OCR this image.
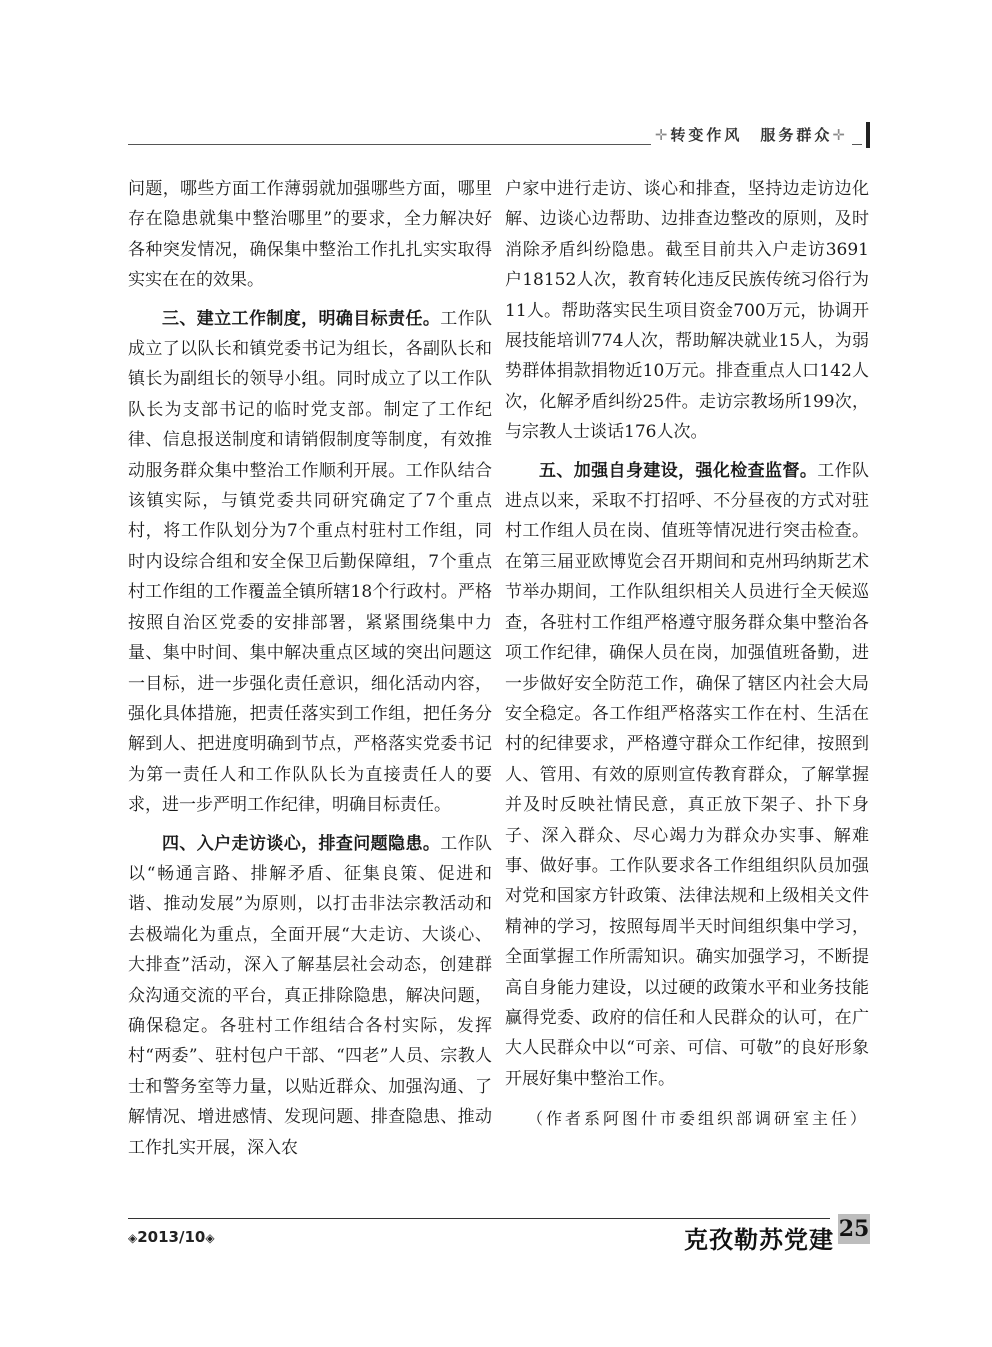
✛转变作风　服务群众✛

问题，哪些方面工作薄弱就加强哪些方面，哪里存在隐患就集中整治哪里”的要求，全力解决好各种突发情况，确保集中整治工作扎扎实实取得实实在在的效果。

三、建立工作制度，明确目标责任。工作队成立了以队长和镇党委书记为组长，各副队长和镇长为副组长的领导小组。同时成立了以工作队队长为支部书记的临时党支部。制定了工作纪律、信息报送制度和请销假制度等制度，有效推动服务群众集中整治工作顺利开展。工作队结合该镇实际，与镇党委共同研究确定了7个重点村，将工作队划分为7个重点村驻村工作组，同时内设综合组和安全保卫后勤保障组，7个重点村工作组的工作覆盖全镇所辖18个行政村。严格按照自治区党委的安排部署，紧紧围绕集中力量、集中时间、集中解决重点区域的突出问题这一目标，进一步强化责任意识，细化活动内容，强化具体措施，把责任落实到工作组，把任务分解到人、把进度明确到节点，严格落实党委书记为第一责任人和工作队队长为直接责任人的要求，进一步严明工作纪律，明确目标责任。

四、入户走访谈心，排查问题隐患。工作队以“畅通言路、排解矛盾、征集良策、促进和谐、推动发展”为原则，以打击非法宗教活动和去极端化为重点，全面开展“大走访、大谈心、大排查”活动，深入了解基层社会动态，创建群众沟通交流的平台，真正排除隐患，解决问题，确保稳定。各驻村工作组结合各村实际，发挥村“两委”、驻村包户干部、“四老”人员、宗教人士和警务室等力量，以贴近群众、加强沟通、了解情况、增进感情、发现问题、排查隐患、推动工作扎实开展，深入农

户家中进行走访、谈心和排查，坚持边走访边化解、边谈心边帮助、边排查边整改的原则，及时消除矛盾纠纷隐患。截至目前共入户走访3691户18152人次，教育转化违反民族传统习俗行为11人。帮助落实民生项目资金700万元，协调开展技能培训774人次，帮助解决就业15人，为弱势群体捐款捐物近10万元。排查重点人口142人次，化解矛盾纠纷25件。走访宗教场所199次，与宗教人士谈话176人次。

五、加强自身建设，强化检查监督。工作队进点以来，采取不打招呼、不分昼夜的方式对驻村工作组人员在岗、值班等情况进行突击检查。在第三届亚欧博览会召开期间和克州玛纳斯艺术节举办期间，工作队组织相关人员进行全天候巡查，各驻村工作组严格遵守服务群众集中整治各项工作纪律，确保人员在岗，加强值班备勤，进一步做好安全防范工作，确保了辖区内社会大局安全稳定。各工作组严格落实工作在村、生活在村的纪律要求，严格遵守群众工作纪律，按照到人、管用、有效的原则宣传教育群众，了解掌握并及时反映社情民意，真正放下架子、扑下身子、深入群众、尽心竭力为群众办实事、解难事、做好事。工作队要求各工作组组织队员加强对党和国家方针政策、法律法规和上级相关文件精神的学习，按照每周半天时间组织集中学习，全面掌握工作所需知识。确实加强学习，不断提高自身能力建设，以过硬的政策水平和业务技能赢得党委、政府的信任和人民群众的认可，在广大人民群众中以“可亲、可信、可敬”的良好形象开展好集中整治工作。

（作者系阿图什市委组织部调研室主任）

◈2013/10◈	克孜勒苏党建 25
